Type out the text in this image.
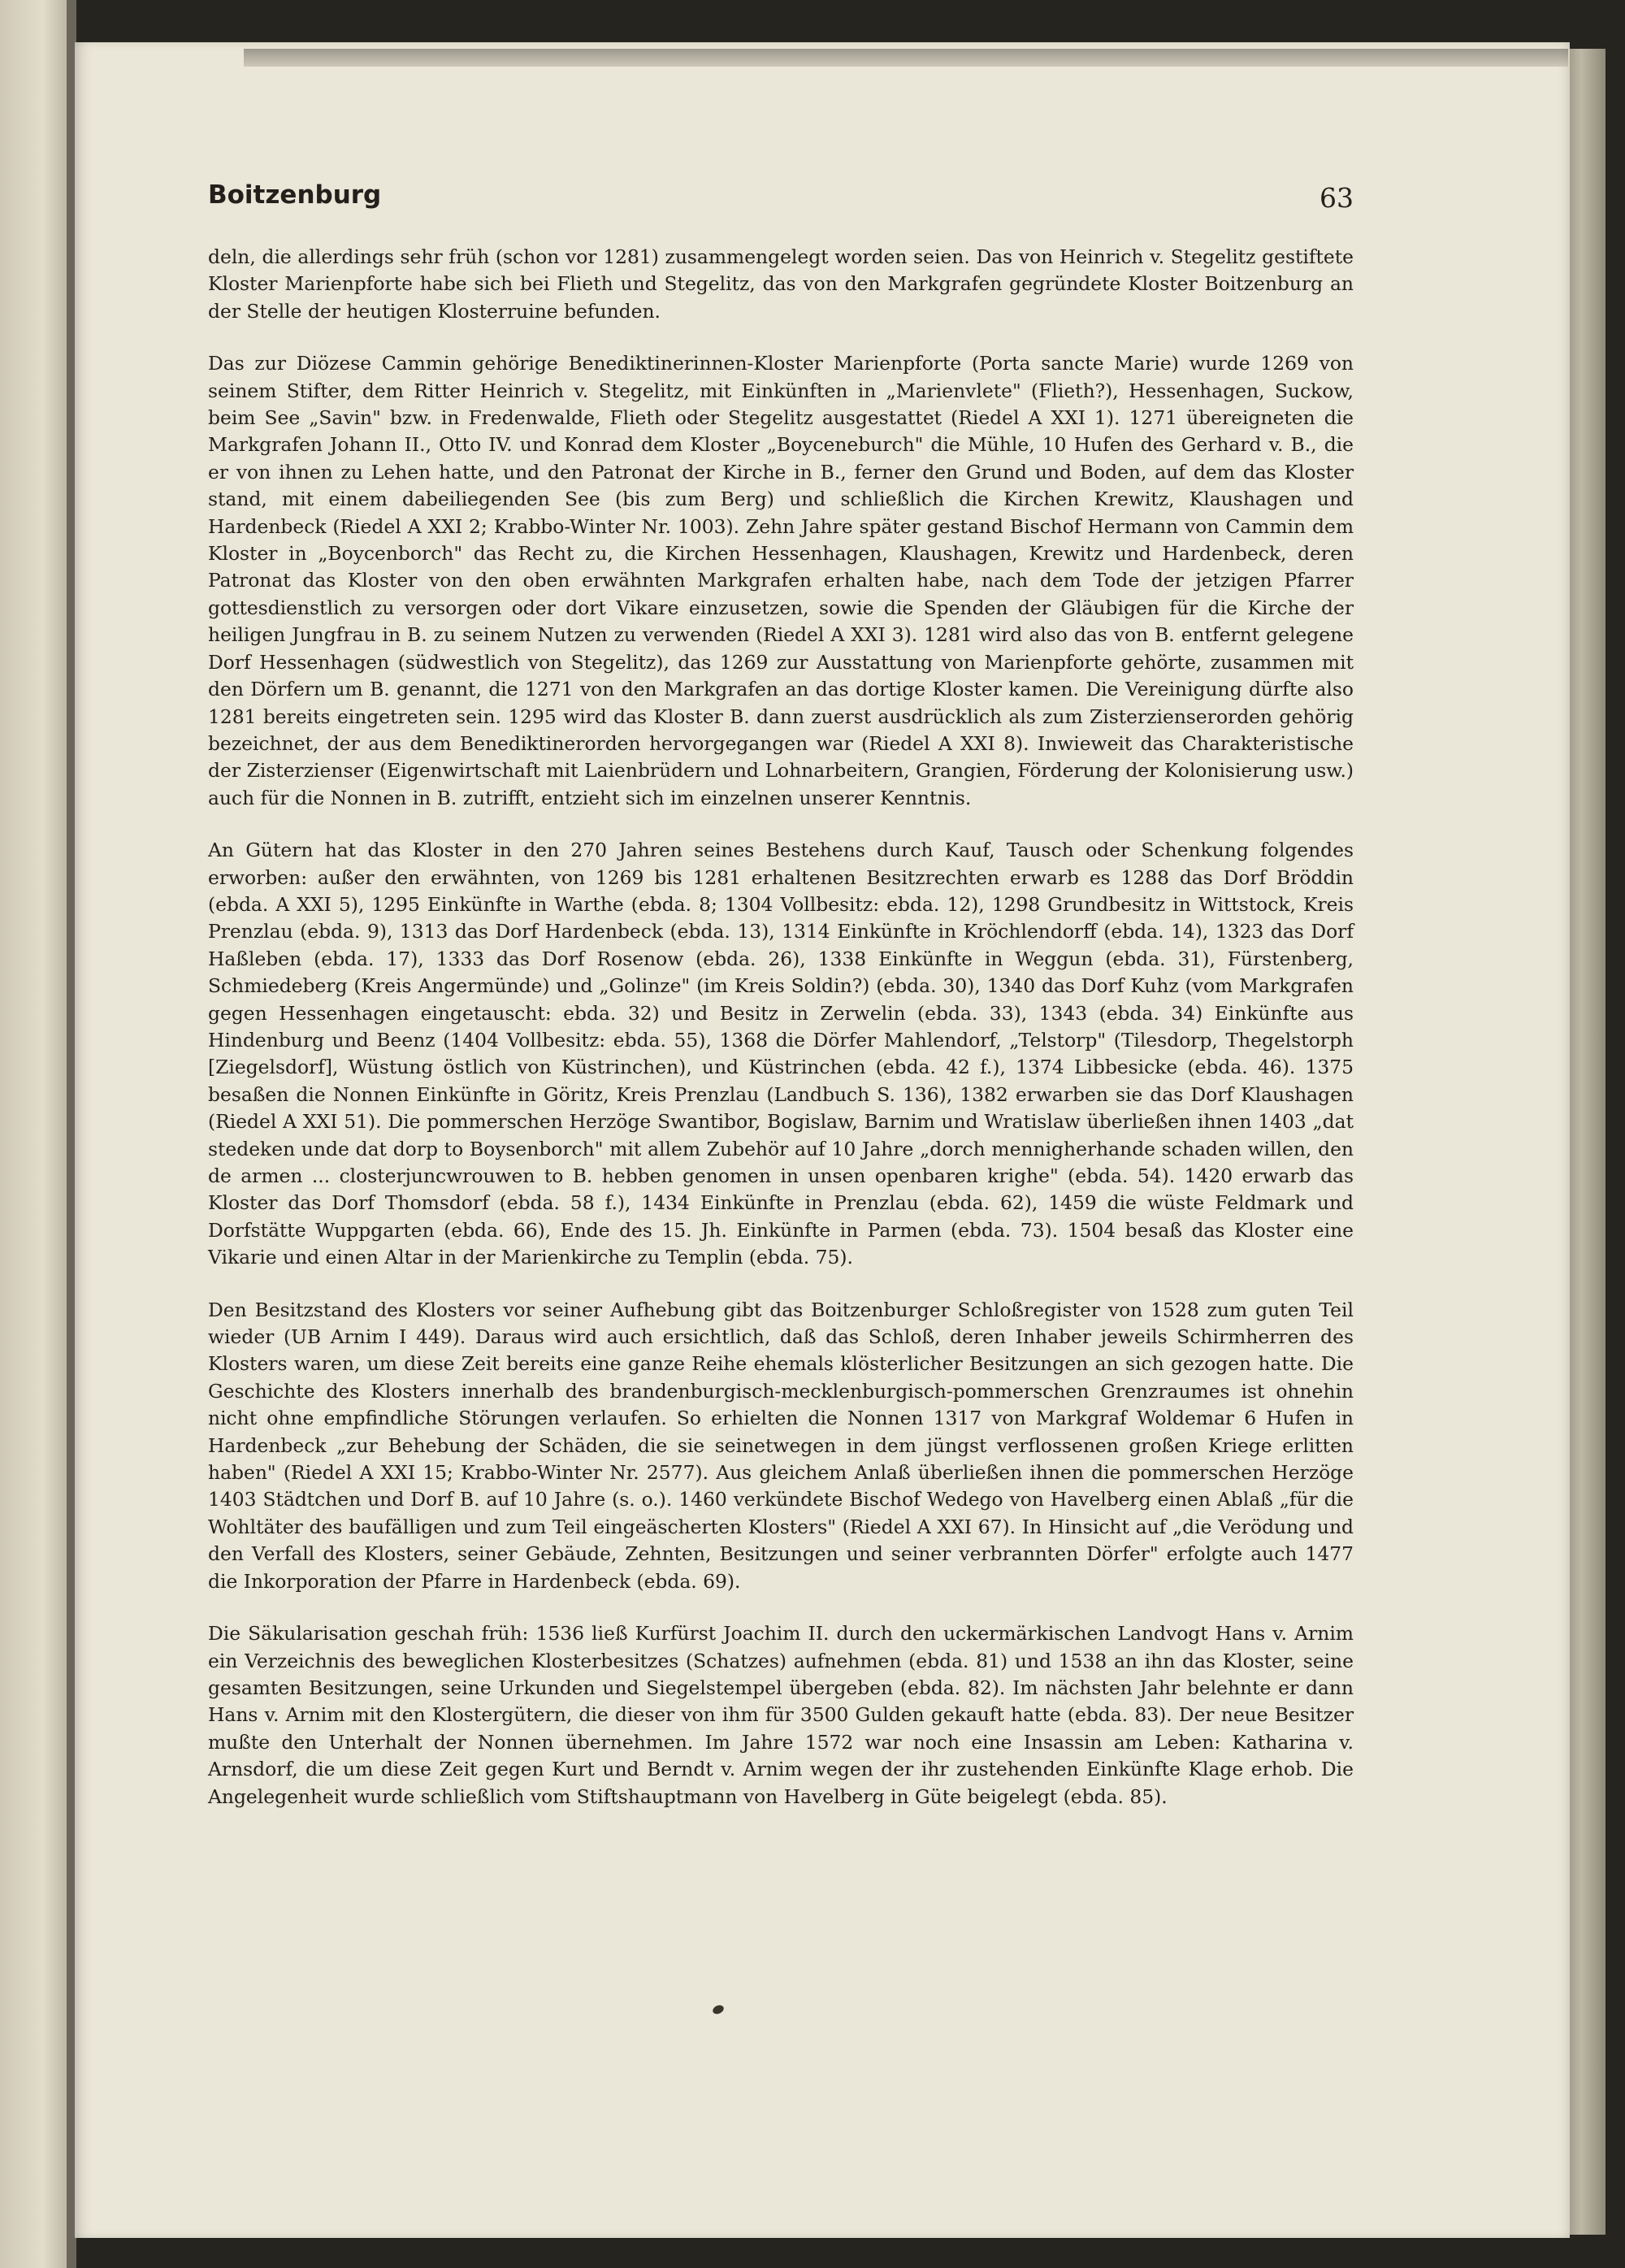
Boitzenburg	63

deln, die allerdings sehr früh (schon vor 1281) zusammengelegt worden seien. Das von Heinrich v. Stegelitz gestiftete Kloster Marienpforte habe sich bei Flieth und Stegelitz, das von den Markgrafen gegründete Kloster Boitzenburg an der Stelle der heutigen Klosterruine befunden.

Das zur Diözese Cammin gehörige Benediktinerinnen-Kloster Marienpforte (Porta sancte Marie) wurde 1269 von seinem Stifter, dem Ritter Heinrich v. Stegelitz, mit Einkünften in „Marienvlete" (Flieth?), Hessenhagen, Suckow, beim See „Savin" bzw. in Fredenwalde, Flieth oder Stegelitz ausgestattet (Riedel A XXI 1). 1271 übereigneten die Markgrafen Johann II., Otto IV. und Konrad dem Kloster „Boyceneburch" die Mühle, 10 Hufen des Gerhard v. B., die er von ihnen zu Lehen hatte, und den Patronat der Kirche in B., ferner den Grund und Boden, auf dem das Kloster stand, mit einem dabeiliegenden See (bis zum Berg) und schließlich die Kirchen Krewitz, Klaushagen und Hardenbeck (Riedel A XXI 2; Krabbo-Winter Nr. 1003). Zehn Jahre später gestand Bischof Hermann von Cammin dem Kloster in „Boycenborch" das Recht zu, die Kirchen Hessenhagen, Klaushagen, Krewitz und Hardenbeck, deren Patronat das Kloster von den oben erwähnten Markgrafen erhalten habe, nach dem Tode der jetzigen Pfarrer gottesdienstlich zu versorgen oder dort Vikare einzusetzen, sowie die Spenden der Gläubigen für die Kirche der heiligen Jungfrau in B. zu seinem Nutzen zu verwenden (Riedel A XXI 3). 1281 wird also das von B. entfernt gelegene Dorf Hessenhagen (südwestlich von Stegelitz), das 1269 zur Ausstattung von Marienpforte gehörte, zusammen mit den Dörfern um B. genannt, die 1271 von den Markgrafen an das dortige Kloster kamen. Die Vereinigung dürfte also 1281 bereits eingetreten sein. 1295 wird das Kloster B. dann zuerst ausdrücklich als zum Zisterzienserorden gehörig bezeichnet, der aus dem Benediktinerorden hervorgegangen war (Riedel A XXI 8). Inwieweit das Charakteristische der Zisterzienser (Eigenwirtschaft mit Laienbrüdern und Lohnarbeitern, Grangien, Förderung der Kolonisierung usw.) auch für die Nonnen in B. zutrifft, entzieht sich im einzelnen unserer Kenntnis.

An Gütern hat das Kloster in den 270 Jahren seines Bestehens durch Kauf, Tausch oder Schenkung folgendes erworben: außer den erwähnten, von 1269 bis 1281 erhaltenen Besitzrechten erwarb es 1288 das Dorf Bröddin (ebda. A XXI 5), 1295 Einkünfte in Warthe (ebda. 8; 1304 Vollbesitz: ebda. 12), 1298 Grundbesitz in Wittstock, Kreis Prenzlau (ebda. 9), 1313 das Dorf Hardenbeck (ebda. 13), 1314 Einkünfte in Kröchlendorff (ebda. 14), 1323 das Dorf Haßleben (ebda. 17), 1333 das Dorf Rosenow (ebda. 26), 1338 Einkünfte in Weggun (ebda. 31), Fürstenberg, Schmiedeberg (Kreis Angermünde) und „Golinze" (im Kreis Soldin?) (ebda. 30), 1340 das Dorf Kuhz (vom Markgrafen gegen Hessenhagen eingetauscht: ebda. 32) und Besitz in Zerwelin (ebda. 33), 1343 (ebda. 34) Einkünfte aus Hindenburg und Beenz (1404 Vollbesitz: ebda. 55), 1368 die Dörfer Mahlendorf, „Telstorp" (Tilesdorp, Thegelstorph [Ziegelsdorf], Wüstung östlich von Küstrinchen), und Küstrinchen (ebda. 42 f.), 1374 Libbesicke (ebda. 46). 1375 besaßen die Nonnen Einkünfte in Göritz, Kreis Prenzlau (Landbuch S. 136), 1382 erwarben sie das Dorf Klaushagen (Riedel A XXI 51). Die pommerschen Herzöge Swantibor, Bogislaw, Barnim und Wratislaw überließen ihnen 1403 „dat stedeken unde dat dorp to Boysenborch" mit allem Zubehör auf 10 Jahre „dorch mennigherhande schaden willen, den de armen ... closterjuncwrouwen to B. hebben genomen in unsen openbaren krighe" (ebda. 54). 1420 erwarb das Kloster das Dorf Thomsdorf (ebda. 58 f.), 1434 Einkünfte in Prenzlau (ebda. 62), 1459 die wüste Feldmark und Dorfstätte Wuppgarten (ebda. 66), Ende des 15. Jh. Einkünfte in Parmen (ebda. 73). 1504 besaß das Kloster eine Vikarie und einen Altar in der Marienkirche zu Templin (ebda. 75).

Den Besitzstand des Klosters vor seiner Aufhebung gibt das Boitzenburger Schloßregister von 1528 zum guten Teil wieder (UB Arnim I 449). Daraus wird auch ersichtlich, daß das Schloß, deren Inhaber jeweils Schirmherren des Klosters waren, um diese Zeit bereits eine ganze Reihe ehemals klösterlicher Besitzungen an sich gezogen hatte. Die Geschichte des Klosters innerhalb des brandenburgisch-mecklenburgisch-pommerschen Grenzraumes ist ohnehin nicht ohne empfindliche Störungen verlaufen. So erhielten die Nonnen 1317 von Markgraf Woldemar 6 Hufen in Hardenbeck „zur Behebung der Schäden, die sie seinetwegen in dem jüngst verflossenen großen Kriege erlitten haben" (Riedel A XXI 15; Krabbo-Winter Nr. 2577). Aus gleichem Anlaß überließen ihnen die pommerschen Herzöge 1403 Städtchen und Dorf B. auf 10 Jahre (s. o.). 1460 verkündete Bischof Wedego von Havelberg einen Ablaß „für die Wohltäter des baufälligen und zum Teil eingeäscherten Klosters" (Riedel A XXI 67). In Hinsicht auf „die Verödung und den Verfall des Klosters, seiner Gebäude, Zehnten, Besitzungen und seiner verbrannten Dörfer" erfolgte auch 1477 die Inkorporation der Pfarre in Hardenbeck (ebda. 69).

Die Säkularisation geschah früh: 1536 ließ Kurfürst Joachim II. durch den uckermärkischen Landvogt Hans v. Arnim ein Verzeichnis des beweglichen Klosterbesitzes (Schatzes) aufnehmen (ebda. 81) und 1538 an ihn das Kloster, seine gesamten Besitzungen, seine Urkunden und Siegelstempel übergeben (ebda. 82). Im nächsten Jahr belehnte er dann Hans v. Arnim mit den Klostergütern, die dieser von ihm für 3500 Gulden gekauft hatte (ebda. 83). Der neue Besitzer mußte den Unterhalt der Nonnen übernehmen. Im Jahre 1572 war noch eine Insassin am Leben: Katharina v. Arnsdorf, die um diese Zeit gegen Kurt und Berndt v. Arnim wegen der ihr zustehenden Einkünfte Klage erhob. Die Angelegenheit wurde schließlich vom Stiftshauptmann von Havelberg in Güte beigelegt (ebda. 85).
